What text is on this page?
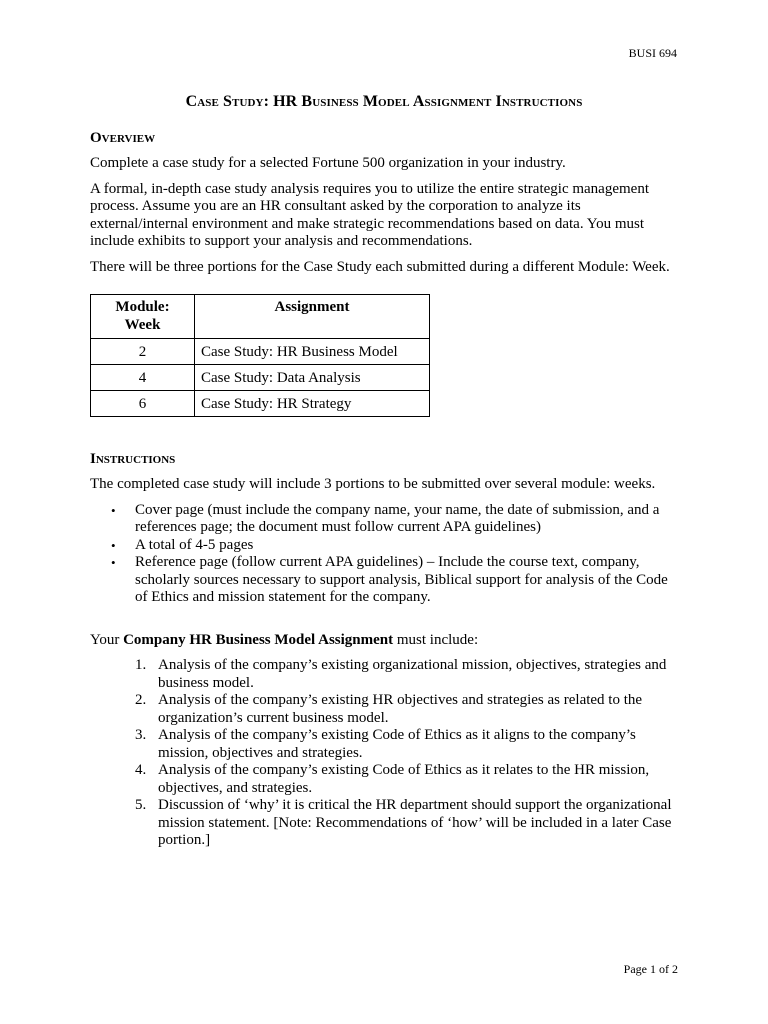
BUSI 694
Case Study: HR Business Model Assignment Instructions
Overview

Complete a case study for a selected Fortune 500 organization in your industry.

A formal, in-depth case study analysis requires you to utilize the entire strategic management process. Assume you are an HR consultant asked by the corporation to analyze its external/internal environment and make strategic recommendations based on data. You must include exhibits to support your analysis and recommendations.

There will be three portions for the Case Study each submitted during a different Module: Week.

Module: Week	Assignment
2	Case Study: HR Business Model
4	Case Study: Data Analysis
6	Case Study: HR Strategy
Instructions

The completed case study will include 3 portions to be submitted over several module: weeks.

• Cover page (must include the company name, your name, the date of submission, and a references page; the document must follow current APA guidelines)
• A total of 4-5 pages
• Reference page (follow current APA guidelines) – Include the course text, company, scholarly sources necessary to support analysis, Biblical support for analysis of the Code of Ethics and mission statement for the company.
Your Company HR Business Model Assignment must include:
1. Analysis of the company’s existing organizational mission, objectives, strategies and business model.
2. Analysis of the company’s existing HR objectives and strategies as related to the organization’s current business model.
3. Analysis of the company’s existing Code of Ethics as it aligns to the company’s mission, objectives and strategies.
4. Analysis of the company’s existing Code of Ethics as it relates to the HR mission, objectives, and strategies.
5. Discussion of ‘why’ it is critical the HR department should support the organizational mission statement. [Note: Recommendations of ‘how’ will be included in a later Case portion.]
Page 1 of 2
